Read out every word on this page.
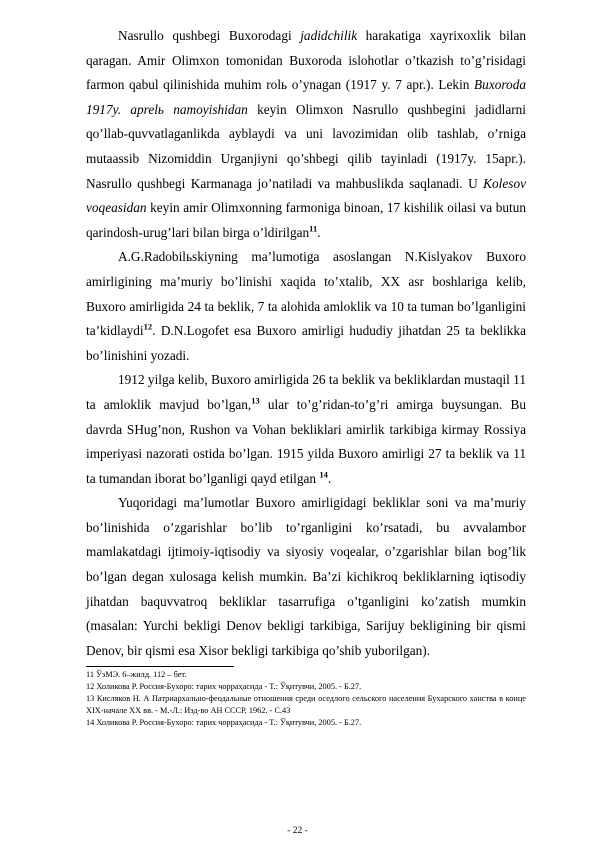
Nasrullo qushbegi Buxorodagi jadidchilik harakatiga xayrixoxlik bilan qaragan. Amir Olimxon tomonidan Buxoroda islohotlar o’tkazish to’g’risidagi farmon qabul qilinishida muhim rolь o’ynagan (1917 y. 7 apr.). Lekin Buxoroda 1917y. aprelь namoyishidan keyin Olimxon Nasrullo qushbegini jadidlarni qo’llab-quvvatlaganlikda ayblaydi va uni lavozimidan olib tashlab, o’rniga mutaassib Nizomiddin Urganjiyni qo’shbegi qilib tayinladi (1917y. 15apr.). Nasrullo qushbegi Karmanaga jo’natiladi va mahbuslikda saqlanadi. U Kolesov voqeasidan keyin amir Olimxonning farmoniga binoan, 17 kishilik oilasi va butun qarindosh-urug’lari bilan birga o’ldirilgan$^{11}$.

A.G.Radobilьskiyning ma’lumotiga asoslangan N.Kislyakov Buxoro amirligining ma’muriy bo’linishi xaqida to’xtalib, XX asr boshlariga kelib, Buxoro amirligida 24 ta beklik, 7 ta alohida amloklik va 10 ta tuman bo’lganligini ta’kidlaydi$^{12}$. D.N.Logofet esa Buxoro amirligi hududiy jihatdan 25 ta beklikka bo’linishini yozadi.

1912 yilga kelib, Buxoro amirligida 26 ta beklik va bekliklardan mustaqil 11 ta amloklik mavjud bo’lgan,$^{13}$ ular to’g’ridan-to’g’ri amirga buysungan. Bu davrda SHug’non, Rushon va Vohan bekliklari amirlik tarkibiga kirmay Rossiya imperiyasi nazorati ostida bo’lgan. 1915 yilda Buxoro amirligi 27 ta beklik va 11 ta tumandan iborat bo’lganligi qayd etilgan $^{14}$.

Yuqoridagi ma’lumotlar Buxoro amirligidagi bekliklar soni va ma’muriy bo’linishida o’zgarishlar bo’lib to’rganligini ko’rsatadi, bu avvalambor mamlakatdagi ijtimoiy-iqtisodiy va siyosiy voqealar, o’zgarishlar bilan bog’lik bo’lgan degan xulosaga kelish mumkin. Ba’zi kichikroq bekliklarning iqtisodiy jihatdan baquvvatroq bekliklar tasarrufiga o’tganligini ko’zatish mumkin (masalan: Yurchi bekligi Denov bekligi tarkibiga, Sarijuy bekligining bir qismi Denov, bir qismi esa Xisor bekligi tarkibiga qo’shib yuborilgan).

11 ЎзМЭ. 6–жилд. 112 – бет.

12 Холикова Р. Россия-Бухоро: тарих чорраҳасида - Т.: Ўқитувчи, 2005. - Б.27.

13 Кисляков Н. А Патриархально-феодальные отношения среди оседлого сельского населения Бухарского ханства в конце XIX-начале XX вв. - М.-Л.: Изд-во АН СССР, 1962. - С.43

14 Холикова Р. Россия-Бухоро: тарих чорраҳасида - Т.: Ўқитувчи, 2005. - Б.27.

- 22 -
